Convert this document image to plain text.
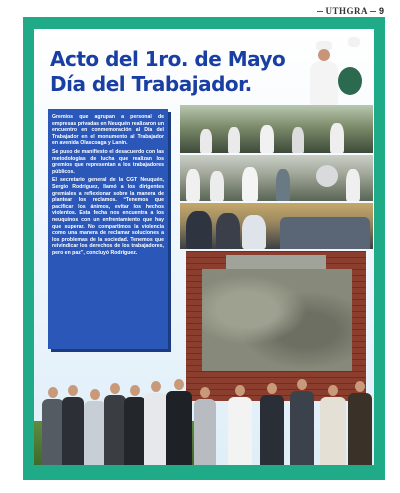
UTHGRA 9
Acto del 1ro. de Mayo
Día del Trabajador.

Gremios que agrupan a personal de empresas privadas en Neuquén realizaron un encuentro en conmemoración al Día del Trabajador en el monumento al Trabajador en avenida Olascoaga y Lanín.

Se puso de manifiesto el desacuerdo con las metodologías de lucha que realizan los gremios que representan a los trabajadores públicos.

El secretario general de la CGT Neuquén, Sergio Rodríguez, llamó a los dirigentes gremiales a reflexionar sobre la manera de plantear los reclamos. “Tenemos que pacificar los ánimos, evitar los hechos violentos. Esta fecha nos encuentra a los neuquinos con un enfrentamiento que hay que superar. No compartimos la violencia como una manera de reclamar soluciones a los problemas de la sociedad. Tenemos que reivindicar los derechos de los trabajadores, pero en paz”, concluyó Rodríguez.
